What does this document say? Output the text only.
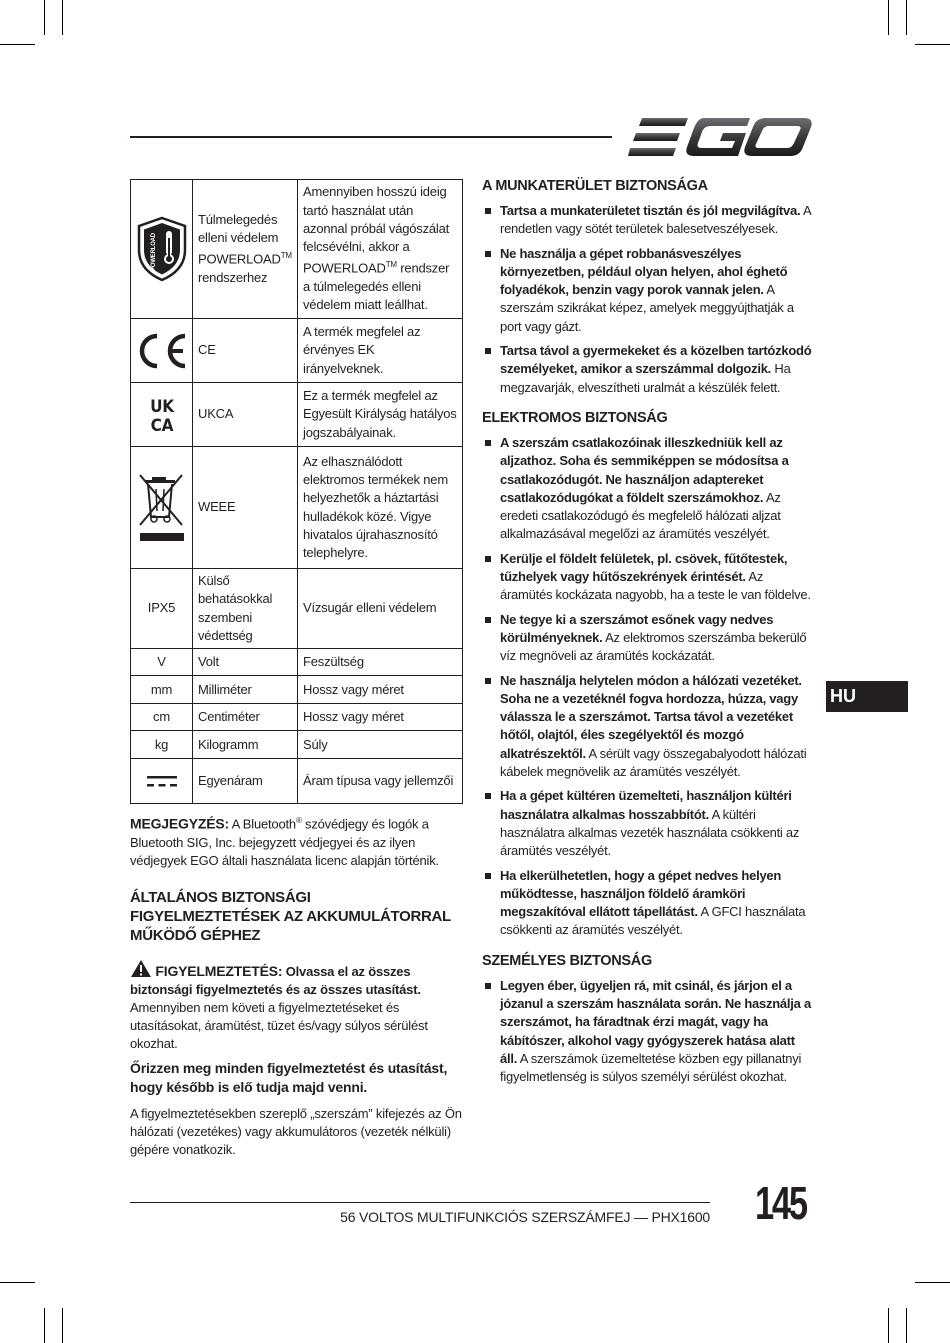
POWERLOAD	Túlmelegedés elleni védelem POWERLOAD™ rendszerhez	Amennyiben hosszú ideig tartó használat után azonnal próbál vágószálat felcsévélni, akkor a POWERLOAD™ rendszer a túlmelegedés elleni védelem miatt leállhat.

	CE	A termék megfelel az érvényes EK irányelveknek.

UK
CA	UKCA	Ez a termék megfelel az Egyesült Királyság hatályos jogszabályainak.

	WEEE	Az elhasználódott elektromos termékek nem helyezhetők a háztartási hulladékok közé. Vigye hivatalos újrahasznosító telephelyre.
IPX5	Külső behatásokkal szembeni védettség	Vízsugár elleni védelem
V	Volt	Feszültség
mm	Milliméter	Hossz vagy méret
cm	Centiméter	Hossz vagy méret
kg	Kilogramm	Súly

	Egyenáram	Áram típusa vagy jellemzői
MEGJEGYZÉS: A Bluetooth® szóvédjegy és logók a Bluetooth SIG, Inc. bejegyzett védjegyei és az ilyen védjegyek EGO általi használata licenc alapján történik.
ÁLTALÁNOS BIZTONSÁGI FIGYELMEZTETÉSEK AZ AKKUMULÁTORRAL MŰKÖDŐ GÉPHEZ
FIGYELMEZTETÉS: Olvassa el az összes biztonsági figyelmeztetés és az összes utasítást. Amennyiben nem követi a figyelmeztetéseket és utasításokat, áramütést, tüzet és/vagy súlyos sérülést okozhat.
Őrizzen meg minden figyelmeztetést és utasítást, hogy később is elő tudja majd venni.
A figyelmeztetésekben szereplő „szerszám” kifejezés az Ön hálózati (vezetékes) vagy akkumulátoros (vezeték nélküli) gépére vonatkozik.
A MUNKATERÜLET BIZTONSÁGA
Tartsa a munkaterületet tisztán és jól megvilágítva. A rendetlen vagy sötét területek balesetveszélyesek.
Ne használja a gépet robbanásveszélyes környezetben, például olyan helyen, ahol éghető folyadékok, benzin vagy porok vannak jelen. A szerszám szikrákat képez, amelyek meggyújthatják a port vagy gázt.
Tartsa távol a gyermekeket és a közelben tartózkodó személyeket, amikor a szerszámmal dolgozik. Ha megzavarják, elveszítheti uralmát a készülék felett.
ELEKTROMOS BIZTONSÁG
A szerszám csatlakozóinak illeszkedniük kell az aljzathoz. Soha és semmiképpen se módosítsa a csatlakozódugót. Ne használjon adaptereket csatlakozódugókat a földelt szerszámokhoz. Az eredeti csatlakozódugó és megfelelő hálózati aljzat alkalmazásával megelőzi az áramütés veszélyét.
Kerülje el földelt felületek, pl. csövek, fűtőtestek, tűzhelyek vagy hűtőszekrények érintését. Az áramütés kockázata nagyobb, ha a teste le van földelve.
Ne tegye ki a szerszámot esőnek vagy nedves körülményeknek. Az elektromos szerszámba bekerülő víz megnöveli az áramütés kockázatát.
Ne használja helytelen módon a hálózati vezetéket. Soha ne a vezetéknél fogva hordozza, húzza, vagy válassza le a szerszámot. Tartsa távol a vezetéket hőtől, olajtól, éles szegélyektől és mozgó alkatrészektől. A sérült vagy összegabalyodott hálózati kábelek megnövelik az áramütés veszélyét.
Ha a gépet kültéren üzemelteti, használjon kültéri használatra alkalmas hosszabbítót. A kültéri használatra alkalmas vezeték használata csökkenti az áramütés veszélyét.
Ha elkerülhetetlen, hogy a gépet nedves helyen működtesse, használjon földelő áramköri megszakítóval ellátott tápellátást. A GFCI használata csökkenti az áramütés veszélyét.
SZEMÉLYES BIZTONSÁG
Legyen éber, ügyeljen rá, mit csinál, és járjon el a józanul a szerszám használata során. Ne használja a szerszámot, ha fáradtnak érzi magát, vagy ha kábítószer, alkohol vagy gyógyszerek hatása alatt áll. A szerszámok üzemeltetése közben egy pillanatnyi figyelmetlenség is súlyos személyi sérülést okozhat.
HU
56 VOLTOS MULTIFUNKCIÓS SZERSZÁMFEJ — PHX1600 145
